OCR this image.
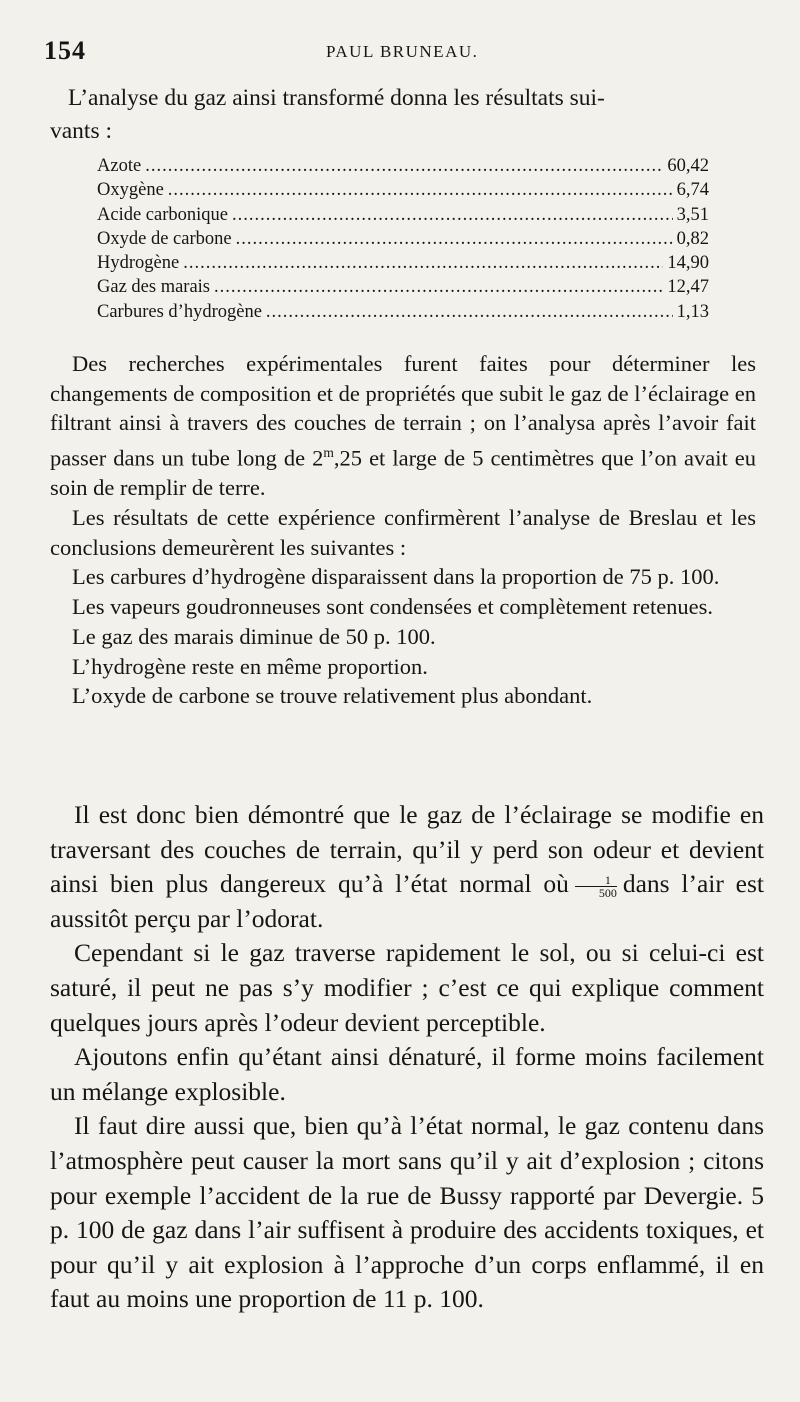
154	PAUL BRUNEAU.

L’analyse du gaz ainsi transformé donna les résultats sui-
vants :

Azote .....	60,42
Oxygène .....	6,74
Acide carbonique .....	3,51
Oxyde de carbone .....	0,82
Hydrogène .....	14,90
Gaz des marais .....	12,47
Carbures d’hydrogène .....	1,13

Des recherches expérimentales furent faites pour déterminer les changements de composition et de propriétés que subit le gaz de l’éclairage en filtrant ainsi à travers des couches de terrain ; on l’analysa après l’avoir fait passer dans un tube long de 2$^m$,25 et large de 5 centimètres que l’on avait eu soin de remplir de terre.

Les résultats de cette expérience confirmèrent l’analyse de Breslau et les conclusions demeurèrent les suivantes :

Les carbures d’hydrogène disparaissent dans la proportion de 75 p. 100.

Les vapeurs goudronneuses sont condensées et complètement retenues.

Le gaz des marais diminue de 50 p. 100.

L’hydrogène reste en même proportion.

L’oxyde de carbone se trouve relativement plus abondant.

Il est donc bien démontré que le gaz de l’éclairage se modifie en traversant des couches de terrain, qu’il y perd son odeur et devient ainsi bien plus dangereux qu’à l’état normal où $\frac{1}{500}$ dans l’air est aussitôt perçu par l’odorat.

Cependant si le gaz traverse rapidement le sol, ou si celui-ci est saturé, il peut ne pas s’y modifier ; c’est ce qui explique comment quelques jours après l’odeur devient perceptible.

Ajoutons enfin qu’étant ainsi dénaturé, il forme moins facilement un mélange explosible.

Il faut dire aussi que, bien qu’à l’état normal, le gaz contenu dans l’atmosphère peut causer la mort sans qu’il y ait d’explosion ; citons pour exemple l’accident de la rue de Bussy rapporté par Devergie. 5 p. 100 de gaz dans l’air suffisent à produire des accidents toxiques, et pour qu’il y ait explosion à l’approche d’un corps enflammé, il en faut au moins une proportion de 11 p. 100.
